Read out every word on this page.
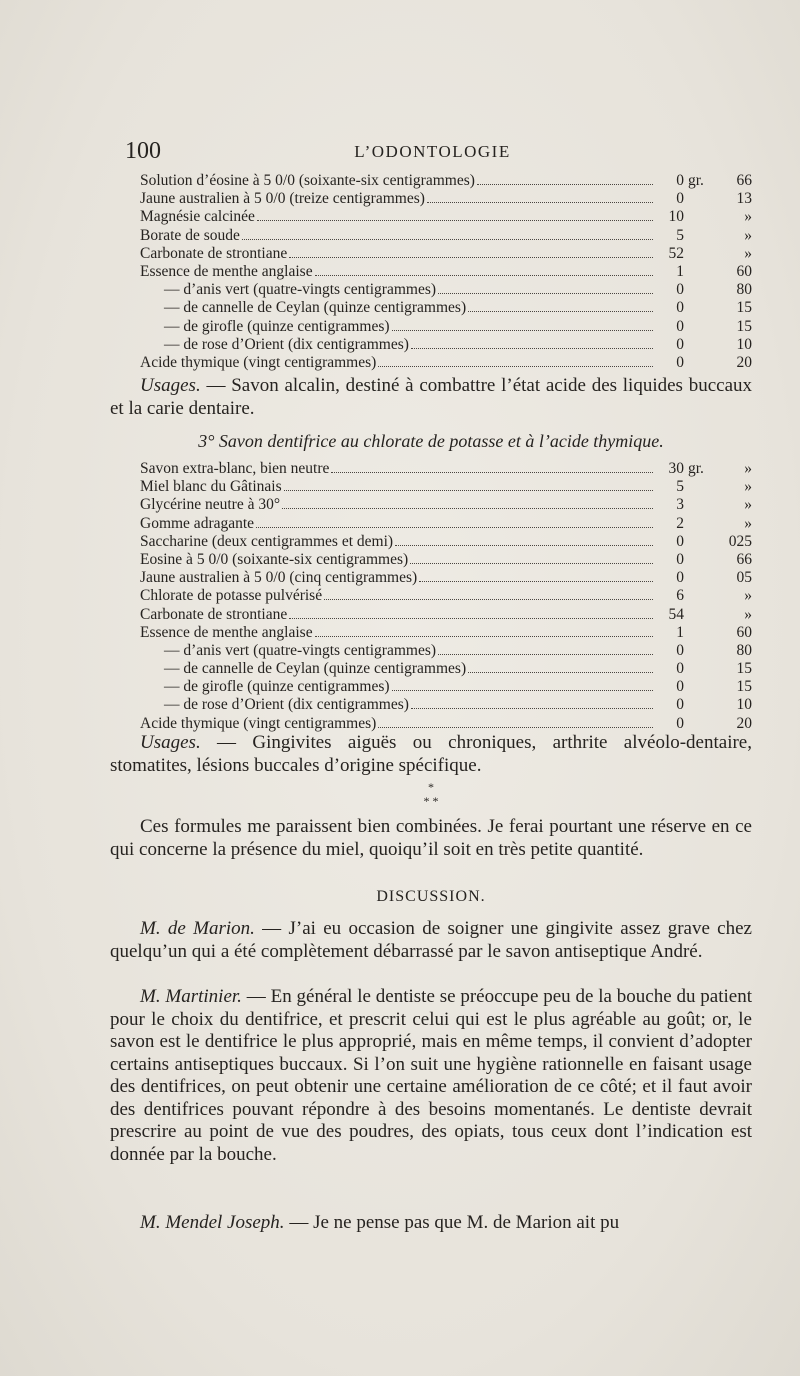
100	L’ODONTOLOGIE
Solution d’éosine à 5 0/0 (soixante-six centigrammes)	0 gr.	66
Jaune australien à 5 0/0 (treize centigrammes)	0	13
Magnésie calcinée	10	»
Borate de soude	5	»
Carbonate de strontiane	52	»
Essence de menthe anglaise	1	60
— d’anis vert (quatre-vingts centigrammes)	0	80
— de cannelle de Ceylan (quinze centigrammes)	0	15
— de girofle (quinze centigrammes)	0	15
— de rose d’Orient (dix centigrammes)	0	10
Acide thymique (vingt centigrammes)	0	20

Usages. — Savon alcalin, destiné à combattre l’état acide des liquides buccaux et la carie dentaire.

3° Savon dentifrice au chlorate de potasse et à l’acide thymique.
Savon extra-blanc, bien neutre	30 gr.	»
Miel blanc du Gâtinais	5	»
Glycérine neutre à 30°	3	»
Gomme adragante	2	»
Saccharine (deux centigrammes et demi)	0	025
Eosine à 5 0/0 (soixante-six centigrammes)	0	66
Jaune australien à 5 0/0 (cinq centigrammes)	0	05
Chlorate de potasse pulvérisé	6	»
Carbonate de strontiane	54	»
Essence de menthe anglaise	1	60
— d’anis vert (quatre-vingts centigrammes)	0	80
— de cannelle de Ceylan (quinze centigrammes)	0	15
— de girofle (quinze centigrammes)	0	15
— de rose d’Orient (dix centigrammes)	0	10
Acide thymique (vingt centigrammes)	0	20

Usages. — Gingivites aiguës ou chroniques, arthrite alvéolo-dentaire, stomatites, lésions buccales d’origine spécifique.

*
* *

Ces formules me paraissent bien combinées. Je ferai pourtant une réserve en ce qui concerne la présence du miel, quoiqu’il soit en très petite quantité.

DISCUSSION.

M. de Marion. — J’ai eu occasion de soigner une gingivite assez grave chez quelqu’un qui a été complètement débarrassé par le savon antiseptique André.

M. Martinier. — En général le dentiste se préoccupe peu de la bouche du patient pour le choix du dentifrice, et prescrit celui qui est le plus agréable au goût; or, le savon est le dentifrice le plus approprié, mais en même temps, il convient d’adopter certains antiseptiques buccaux. Si l’on suit une hygiène rationnelle en faisant usage des dentifrices, on peut obtenir une certaine amélioration de ce côté; et il faut avoir des dentifrices pouvant répondre à des besoins momentanés. Le dentiste devrait prescrire au point de vue des poudres, des opiats, tous ceux dont l’indication est donnée par la bouche.

M. Mendel Joseph. — Je ne pense pas que M. de Marion ait pu
